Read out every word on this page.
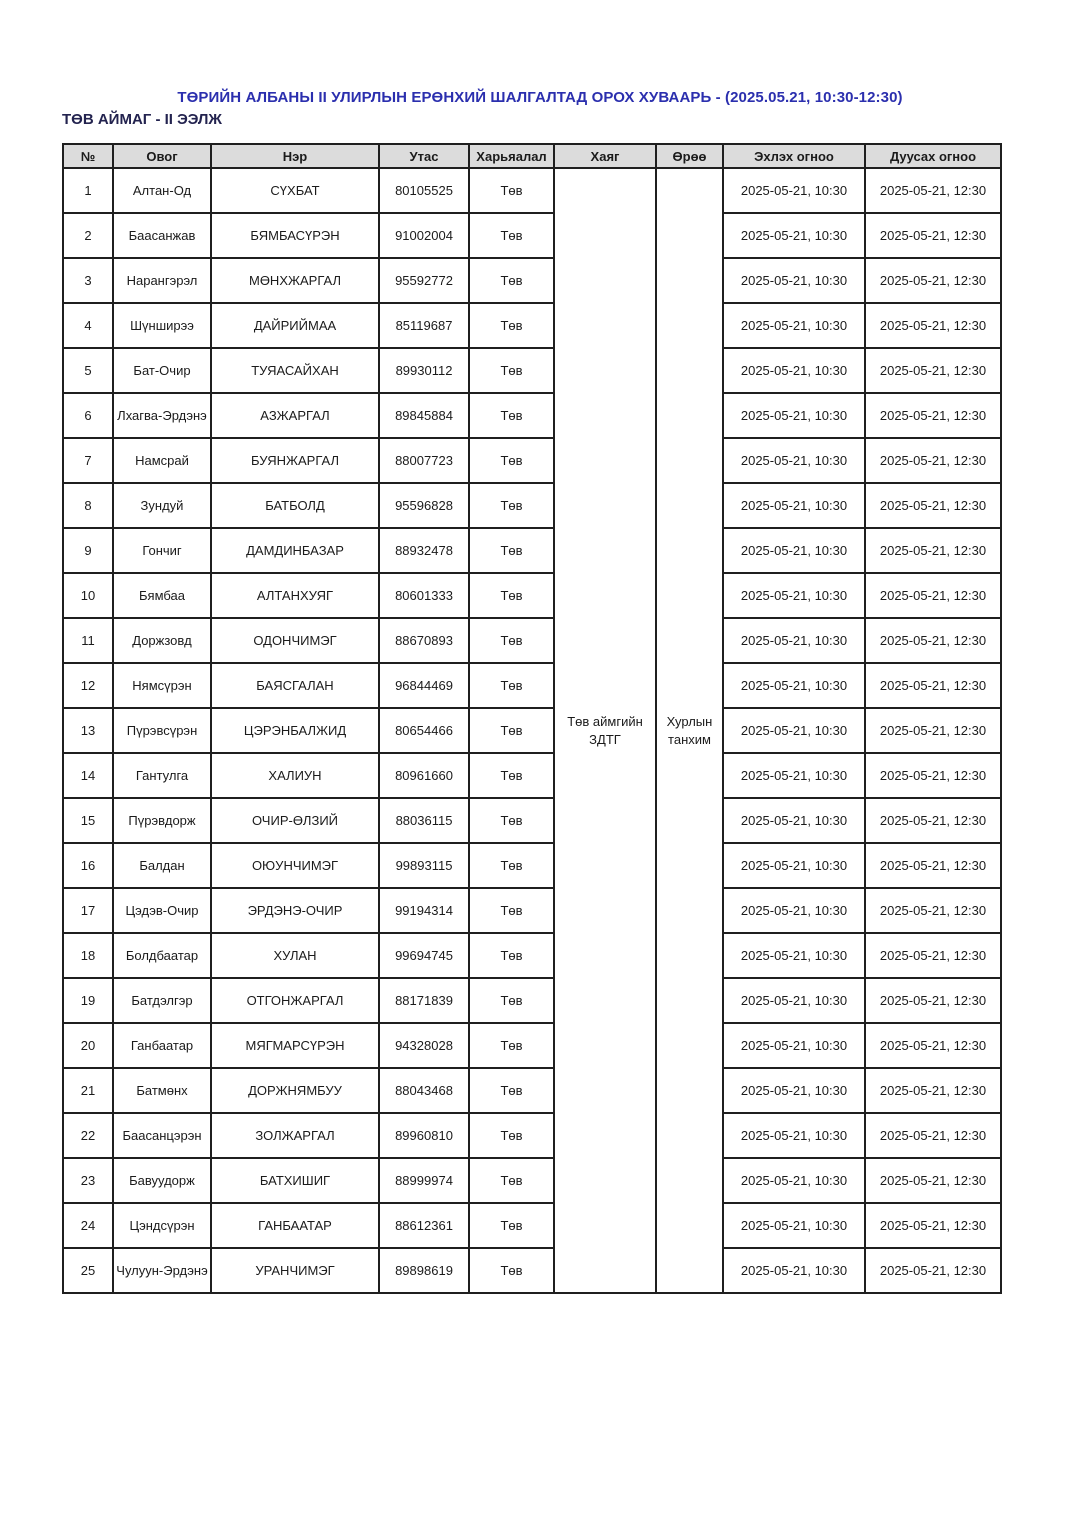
ТӨРИЙН АЛБАНЫ II УЛИРЛЫН ЕРӨНХИЙ ШАЛГАЛТАД ОРОХ ХУВААРЬ - (2025.05.21, 10:30-12:30)
ТӨВ АЙМАГ - II ЭЭЛЖ
№	Овог	Нэр	Утас	Харьяалал	Хаяг	Өрөө	Эхлэх огноо	Дуусах огноо
1	Алтан-Од	СҮХБАТ	80105525	Төв	Төв аймгийн ЗДТГ	Хурлын танхим	2025-05-21, 10:30	2025-05-21, 12:30
2	Баасанжав	БЯМБАСҮРЭН	91002004	Төв			2025-05-21, 10:30	2025-05-21, 12:30
3	Нарангэрэл	МӨНХЖАРГАЛ	95592772	Төв			2025-05-21, 10:30	2025-05-21, 12:30
4	Шүнширээ	ДАЙРИЙМАА	85119687	Төв			2025-05-21, 10:30	2025-05-21, 12:30
5	Бат-Очир	ТУЯАСАЙХАН	89930112	Төв			2025-05-21, 10:30	2025-05-21, 12:30
6	Лхагва-Эрдэнэ	АЗЖАРГАЛ	89845884	Төв			2025-05-21, 10:30	2025-05-21, 12:30
7	Намсрай	БУЯНЖАРГАЛ	88007723	Төв			2025-05-21, 10:30	2025-05-21, 12:30
8	Зундуй	БАТБОЛД	95596828	Төв			2025-05-21, 10:30	2025-05-21, 12:30
9	Гончиг	ДАМДИНБАЗАР	88932478	Төв			2025-05-21, 10:30	2025-05-21, 12:30
10	Бямбаа	АЛТАНХУЯГ	80601333	Төв			2025-05-21, 10:30	2025-05-21, 12:30
11	Доржзовд	ОДОНЧИМЭГ	88670893	Төв			2025-05-21, 10:30	2025-05-21, 12:30
12	Нямсүрэн	БАЯСГАЛАН	96844469	Төв			2025-05-21, 10:30	2025-05-21, 12:30
13	Пүрэвсүрэн	ЦЭРЭНБАЛЖИД	80654466	Төв			2025-05-21, 10:30	2025-05-21, 12:30
14	Гантулга	ХАЛИУН	80961660	Төв			2025-05-21, 10:30	2025-05-21, 12:30
15	Пүрэвдорж	ОЧИР-ӨЛЗИЙ	88036115	Төв			2025-05-21, 10:30	2025-05-21, 12:30
16	Балдан	ОЮУНЧИМЭГ	99893115	Төв			2025-05-21, 10:30	2025-05-21, 12:30
17	Цэдэв-Очир	ЭРДЭНЭ-ОЧИР	99194314	Төв			2025-05-21, 10:30	2025-05-21, 12:30
18	Болдбаатар	ХУЛАН	99694745	Төв			2025-05-21, 10:30	2025-05-21, 12:30
19	Батдэлгэр	ОТГОНЖАРГАЛ	88171839	Төв			2025-05-21, 10:30	2025-05-21, 12:30
20	Ганбаатар	МЯГМАРСҮРЭН	94328028	Төв			2025-05-21, 10:30	2025-05-21, 12:30
21	Батмөнх	ДОРЖНЯМБУУ	88043468	Төв			2025-05-21, 10:30	2025-05-21, 12:30
22	Баасанцэрэн	ЗОЛЖАРГАЛ	89960810	Төв			2025-05-21, 10:30	2025-05-21, 12:30
23	Бавуудорж	БАТХИШИГ	88999974	Төв			2025-05-21, 10:30	2025-05-21, 12:30
24	Цэндсүрэн	ГАНБААТАР	88612361	Төв			2025-05-21, 10:30	2025-05-21, 12:30
25	Чулуун-Эрдэнэ	УРАНЧИМЭГ	89898619	Төв			2025-05-21, 10:30	2025-05-21, 12:30
